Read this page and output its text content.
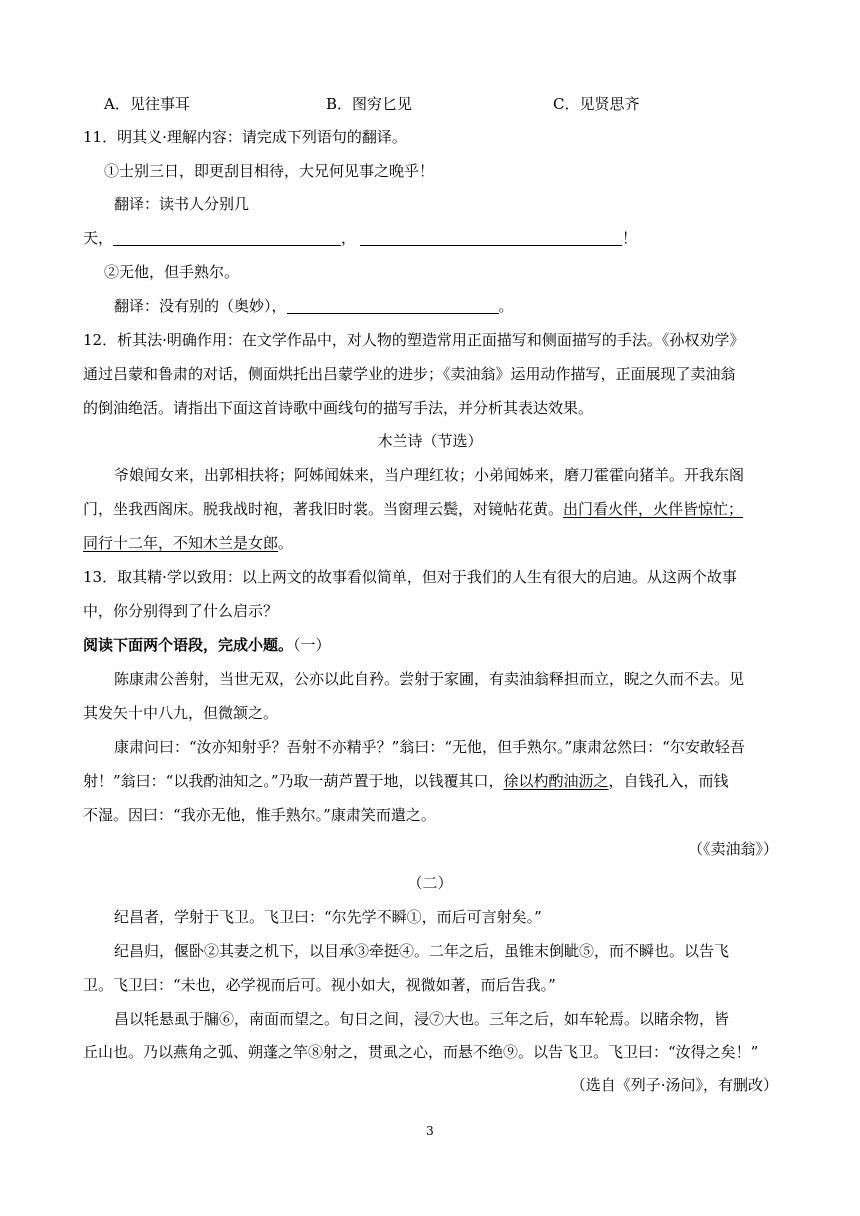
A．见往事耳	B．图穷匕见	C．见贤思齐
11．明其义·理解内容：请完成下列语句的翻译。
①士别三日，即更刮目相待，大兄何见事之晚乎！
翻译：读书人分别几
天，	，	！
②无他，但手熟尔。
翻译：没有别的（奥妙），	。
12．析其法·明确作用：在文学作品中，对人物的塑造常用正面描写和侧面描写的手法。《孙权劝学》
通过吕蒙和鲁肃的对话，侧面烘托出吕蒙学业的进步；《卖油翁》运用动作描写，正面展现了卖油翁
的倒油绝活。请指出下面这首诗歌中画线句的描写手法，并分析其表达效果。
木兰诗（节选）
爷娘闻女来，出郭相扶将；阿姊闻妹来，当户理红妆；小弟闻姊来，磨刀霍霍向猪羊。开我东阁
门，坐我西阁床。脱我战时袍，著我旧时裳。当窗理云鬓，对镜帖花黄。出门看火伴，火伴皆惊忙；
同行十二年，不知木兰是女郎。
13．取其精·学以致用：以上两文的故事看似简单，但对于我们的人生有很大的启迪。从这两个故事
中，你分别得到了什么启示？
阅读下面两个语段，完成小题。（一）
陈康肃公善射，当世无双，公亦以此自矜。尝射于家圃，有卖油翁释担而立，睨之久而不去。见
其发矢十中八九，但微颔之。
康肃问曰：“汝亦知射乎？吾射不亦精乎？”翁曰：“无他，但手熟尔。”康肃忿然曰：“尔安敢轻吾
射！”翁曰：“以我酌油知之。”乃取一葫芦置于地，以钱覆其口，徐以杓酌油沥之，自钱孔入，而钱
不湿。因曰：“我亦无他，惟手熟尔。”康肃笑而遣之。
（《卖油翁》）
（二）
纪昌者，学射于飞卫。飞卫曰：“尔先学不瞬①，而后可言射矣。”
纪昌归，偃卧②其妻之机下，以目承③牵挺④。二年之后，虽锥末倒眦⑤，而不瞬也。以告飞
卫。飞卫曰：“未也，必学视而后可。视小如大，视微如著，而后告我。”
昌以牦悬虱于牖⑥，南面而望之。旬日之间，浸⑦大也。三年之后，如车轮焉。以睹余物，皆
丘山也。乃以燕角之弧、朔蓬之竿⑧射之，贯虱之心，而悬不绝⑨。以告飞卫。飞卫曰：“汝得之矣！”
（选自《列子·汤问》，有删改）
3
